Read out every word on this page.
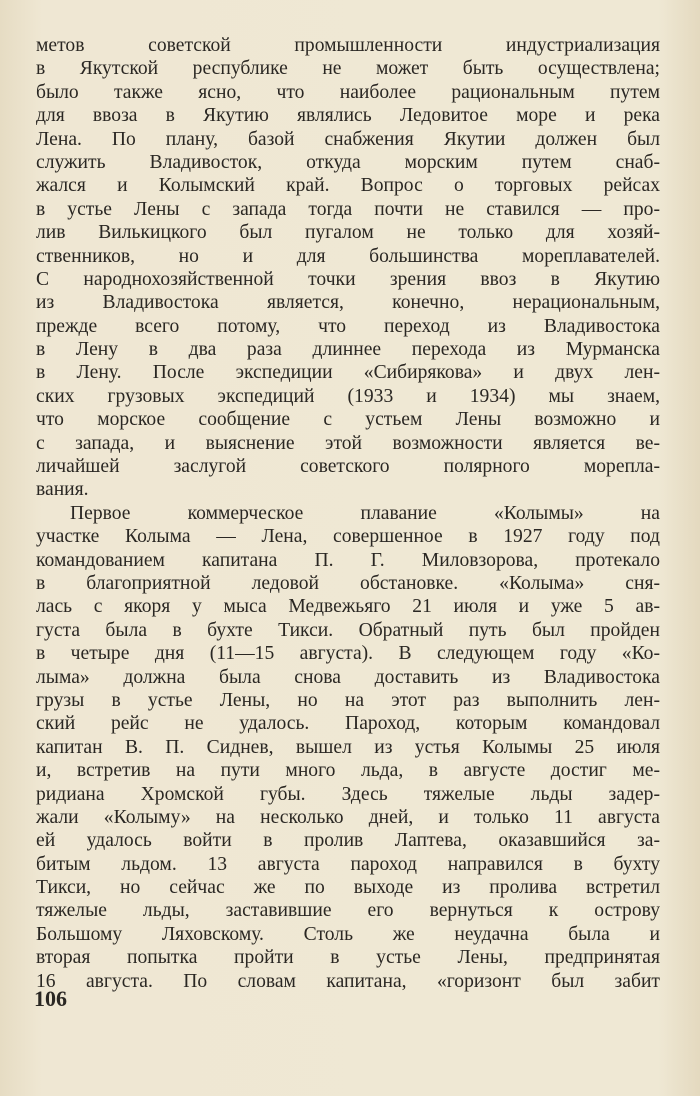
метов советской промышленности индустриализация
в Якутской республике не может быть осуществлена;
было также ясно, что наиболее рациональным путем
для ввоза в Якутию являлись Ледовитое море и река
Лена. По плану, базой снабжения Якутии должен был
служить Владивосток, откуда морским путем снаб-
жался и Колымский край. Вопрос о торговых рейсах
в устье Лены с запада тогда почти не ставился — про-
лив Вилькицкого был пугалом не только для хозяй-
ственников, но и для большинства мореплавателей.
С народнохозяйственной точки зрения ввоз в Якутию
из Владивостока является, конечно, нерациональным,
прежде всего потому, что переход из Владивостока
в Лену в два раза длиннее перехода из Мурманска
в Лену. После экспедиции «Сибирякова» и двух лен-
ских грузовых экспедиций (1933 и 1934) мы знаем,
что морское сообщение с устьем Лены возможно и
с запада, и выяснение этой возможности является ве-
личайшей заслугой советского полярного морепла-
вания.
Первое коммерческое плавание «Колымы» на
участке Колыма — Лена, совершенное в 1927 году под
командованием капитана П. Г. Миловзорова, протекало
в благоприятной ледовой обстановке. «Колыма» сня-
лась с якоря у мыса Медвежьяго 21 июля и уже 5 ав-
густа была в бухте Тикси. Обратный путь был пройден
в четыре дня (11—15 августа). В следующем году «Ко-
лыма» должна была снова доставить из Владивостока
грузы в устье Лены, но на этот раз выполнить лен-
ский рейс не удалось. Пароход, которым командовал
капитан В. П. Сиднев, вышел из устья Колымы 25 июля
и, встретив на пути много льда, в августе достиг ме-
ридиана Хромской губы. Здесь тяжелые льды задер-
жали «Колыму» на несколько дней, и только 11 августа
ей удалось войти в пролив Лаптева, оказавшийся за-
битым льдом. 13 августа пароход направился в бухту
Тикси, но сейчас же по выходе из пролива встретил
тяжелые льды, заставившие его вернуться к острову
Большому Ляховскому. Столь же неудачна была и
вторая попытка пройти в устье Лены, предпринятая
16 августа. По словам капитана, «горизонт был забит
106
